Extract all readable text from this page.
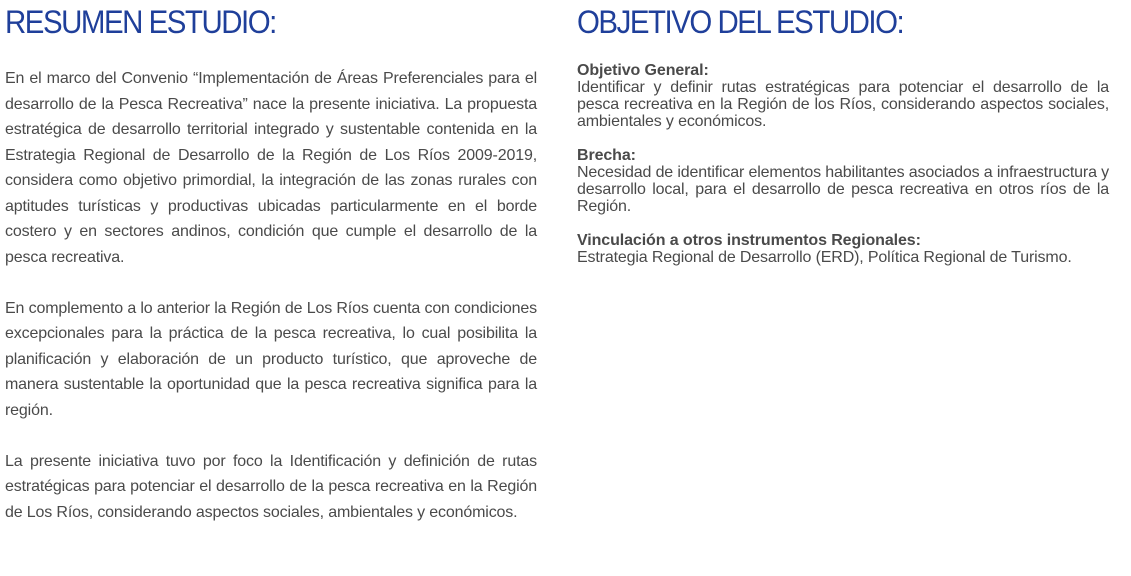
RESUMEN ESTUDIO:

En el marco del Convenio “Implementación de Áreas Preferenciales para el desarrollo de la Pesca Recreativa” nace la presente iniciativa. La propuesta estratégica de desarrollo territorial integrado y sustentable contenida en la Estrategia Regional de Desarrollo de la Región de Los Ríos 2009-2019, considera como objetivo primordial, la integración de las zonas rurales con aptitudes turísticas y productivas ubicadas particularmente en el borde costero y en sectores andinos, condición que cumple el desarrollo de la pesca recreativa.

En complemento a lo anterior la Región de Los Ríos cuenta con condiciones excepcionales para la práctica de la pesca recreativa, lo cual posibilita la planificación y elaboración de un producto turístico, que aproveche de manera sustentable la oportunidad que la pesca recreativa significa para la región.

La presente iniciativa tuvo por foco la Identificación y definición de rutas estratégicas para potenciar el desarrollo de la pesca recreativa en la Región de Los Ríos, considerando aspectos sociales, ambientales y económicos.

OBJETIVO DEL ESTUDIO:
Objetivo General:
Identificar y definir rutas estratégicas para potenciar el desarrollo de la pesca recreativa en la Región de los Ríos, considerando aspectos sociales, ambientales y económicos.
Brecha:
Necesidad de identificar elementos habilitantes asociados a infraestructura y desarrollo local, para el desarrollo de pesca recreativa en otros ríos de la Región.
Vinculación a otros instrumentos Regionales:
Estrategia Regional de Desarrollo (ERD), Política Regional de Turismo.
